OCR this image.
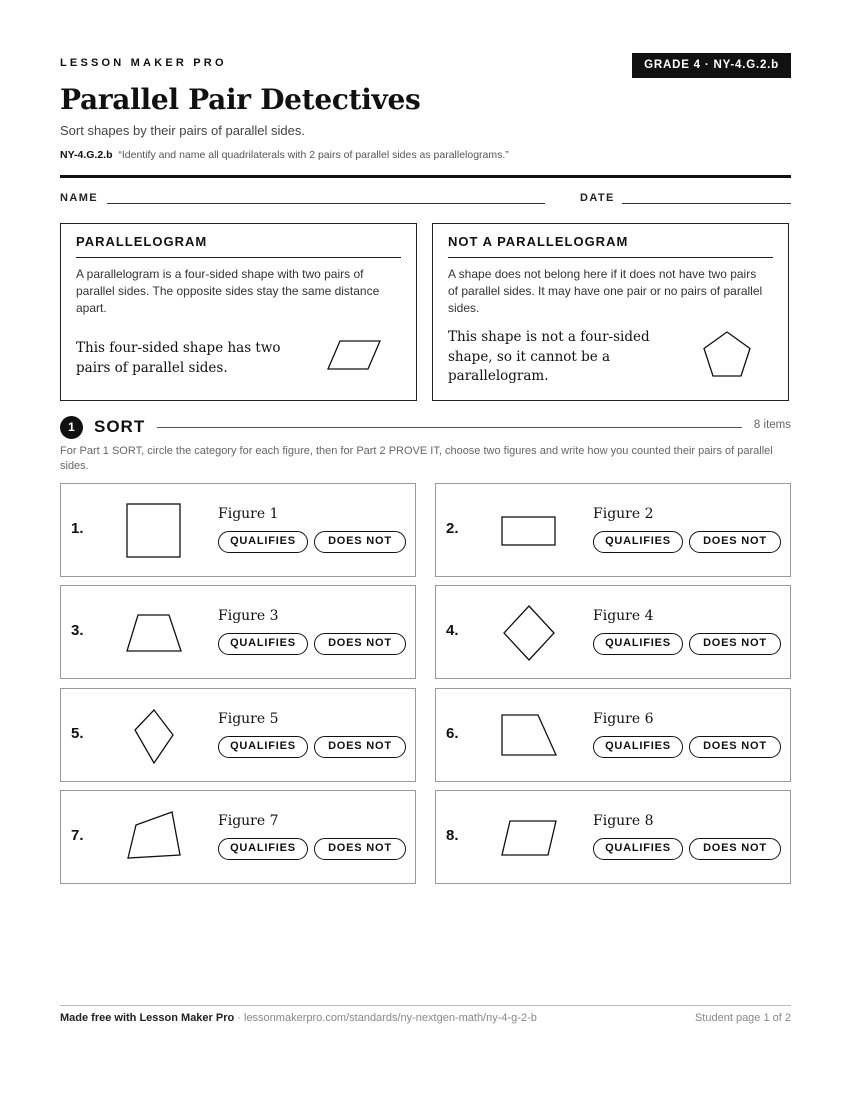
LESSON MAKER PRO	GRADE 4 · NY-4.G.2.b
Parallel Pair Detectives
Sort shapes by their pairs of parallel sides.
NY-4.G.2.b “Identify and name all quadrilaterals with 2 pairs of parallel sides as parallelograms.”
NAME	DATE
PARALLELOGRAM
A parallelogram is a four-sided shape with two pairs of parallel sides. The opposite sides stay the same distance apart.
This four-sided shape has two pairs of parallel sides.
NOT A PARALLELOGRAM
A shape does not belong here if it does not have two pairs of parallel sides. It may have one pair or no pairs of parallel sides.
This shape is not a four-sided shape, so it cannot be a parallelogram.
1	SORT	8 items
For Part 1 SORT, circle the category for each figure, then for Part 2 PROVE IT, choose two figures and write how you counted their pairs of parallel sides.
1.
Figure 1
QUALIFIES	DOES NOT
2.
Figure 2
QUALIFIES	DOES NOT
3.
Figure 3
QUALIFIES	DOES NOT
4.
Figure 4
QUALIFIES	DOES NOT
5.
Figure 5
QUALIFIES	DOES NOT
6.
Figure 6
QUALIFIES	DOES NOT
7.
Figure 7
QUALIFIES	DOES NOT
8.
Figure 8
QUALIFIES	DOES NOT
Made free with Lesson Maker Pro · lessonmakerpro.com/standards/ny-nextgen-math/ny-4-g-2-b	Student page 1 of 2
